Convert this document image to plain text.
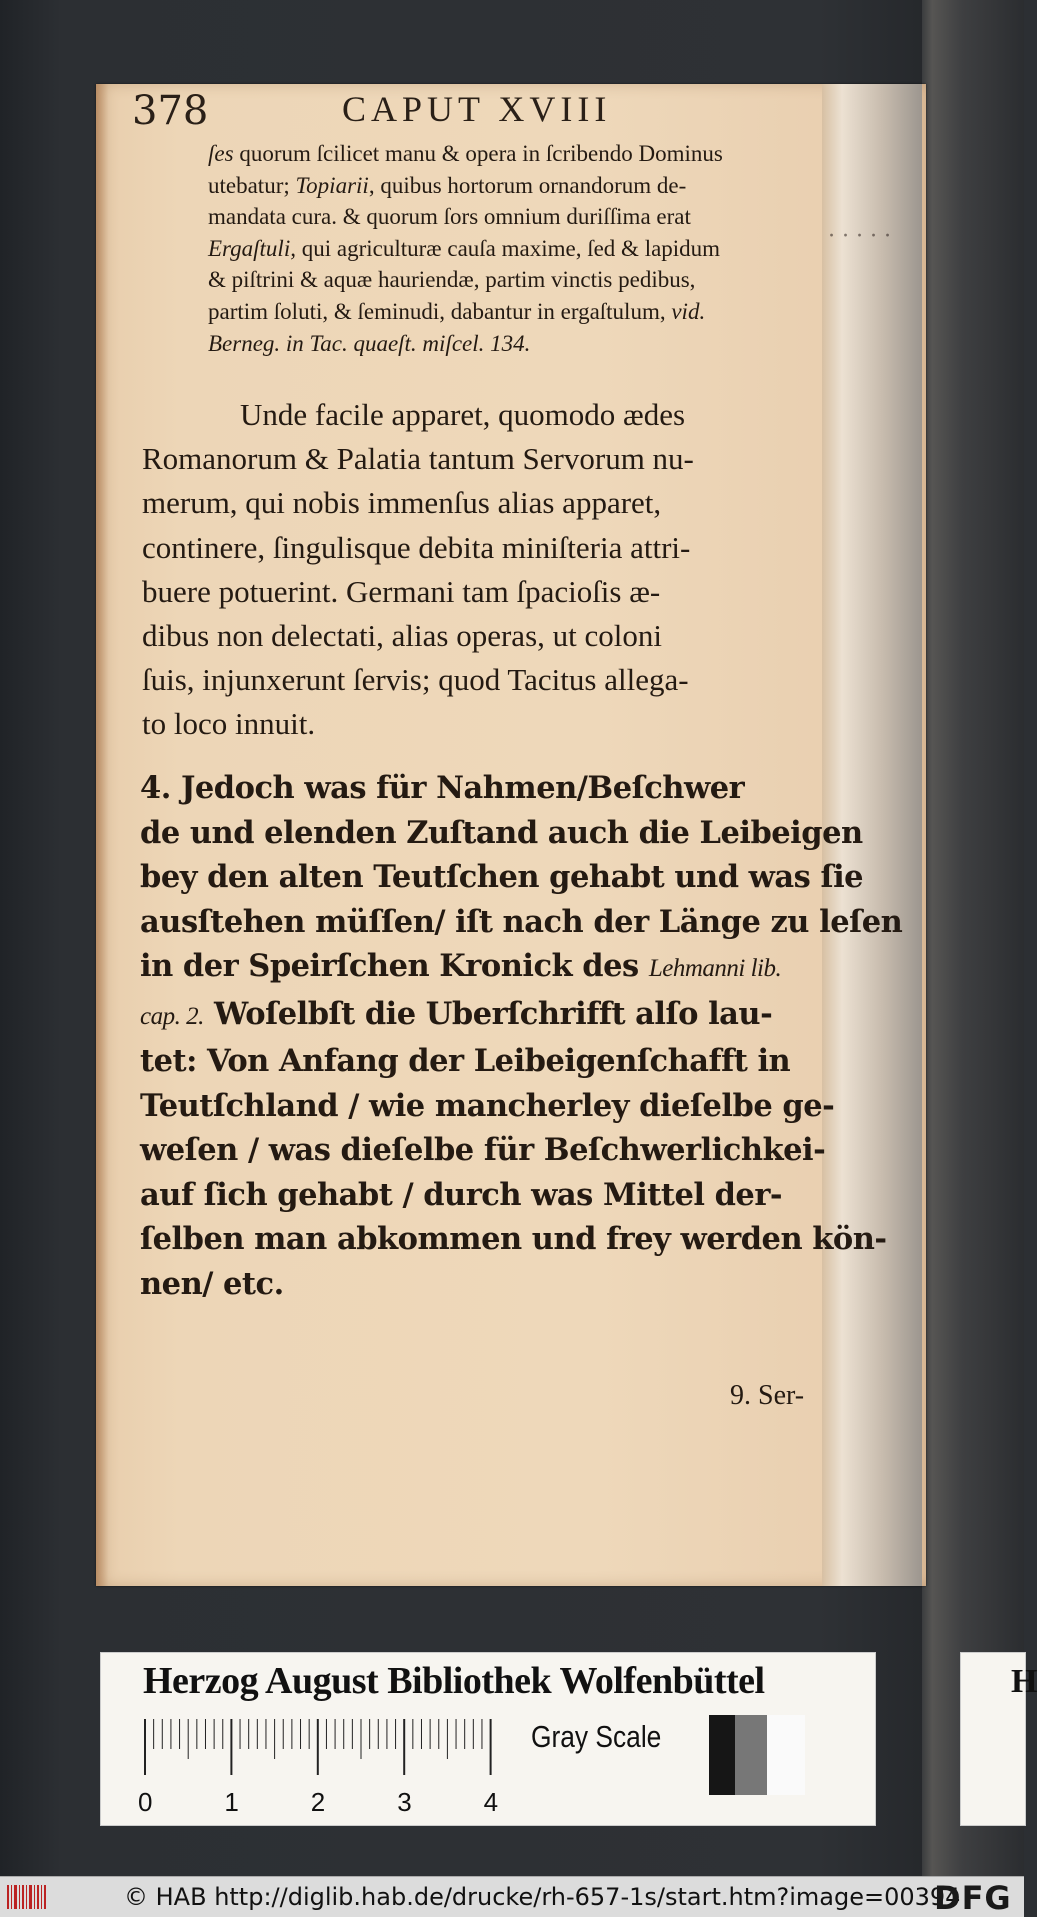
· · · · ·
378	CAPUT XVIII
ſes quorum ſcilicet manu & opera in ſcribendo Dominus
utebatur; Topiarii, quibus hortorum ornandorum de-
mandata cura. & quorum ſors omnium duriſſima erat
Ergaſtuli, qui agriculturæ cauſa maxime, ſed & lapidum
& piſtrini & aquæ hauriendæ, partim vinctis pedibus,
partim ſoluti, & ſeminudi, dabantur in ergaſtulum, vid.
Berneg. in Tac. quaeſt. miſcel. 134.
Unde facile apparet, quomodo ædes
Romanorum & Palatia tantum Servorum nu-
merum, qui nobis immenſus alias apparet,
continere, ſingulisque debita miniſteria attri-
buere potuerint. Germani tam ſpacioſis æ-
dibus non delectati, alias operas, ut coloni
ſuis, injunxerunt ſervis; quod Tacitus allega-
to loco innuit.
4. Jedoch was für Nahmen/Beſchwer
de und elenden Zuſtand auch die Leibeigen
bey den alten Teutſchen gehabt und was ſie
ausſtehen müſſen/ iſt nach der Länge zu leſen
in der Speirſchen Kronick des Lehmanni lib.
cap. 2. Woſelbſt die Uberſchrifft alſo lau-
tet: Von Anfang der Leibeigenſchafft in
Teutſchland / wie mancherley dieſelbe ge-
weſen / was dieſelbe für Beſchwerlichkei-
auf ſich gehabt / durch was Mittel der-
ſelben man abkommen und frey werden kön-
nen/ etc.
9. Ser-
Herzog August Bibliothek Wolfenbüttel
0	1	2	3	4
Gray Scale
H
© HAB http://diglib.hab.de/drucke/rh-657-1s/start.htm?image=00394
DFG
